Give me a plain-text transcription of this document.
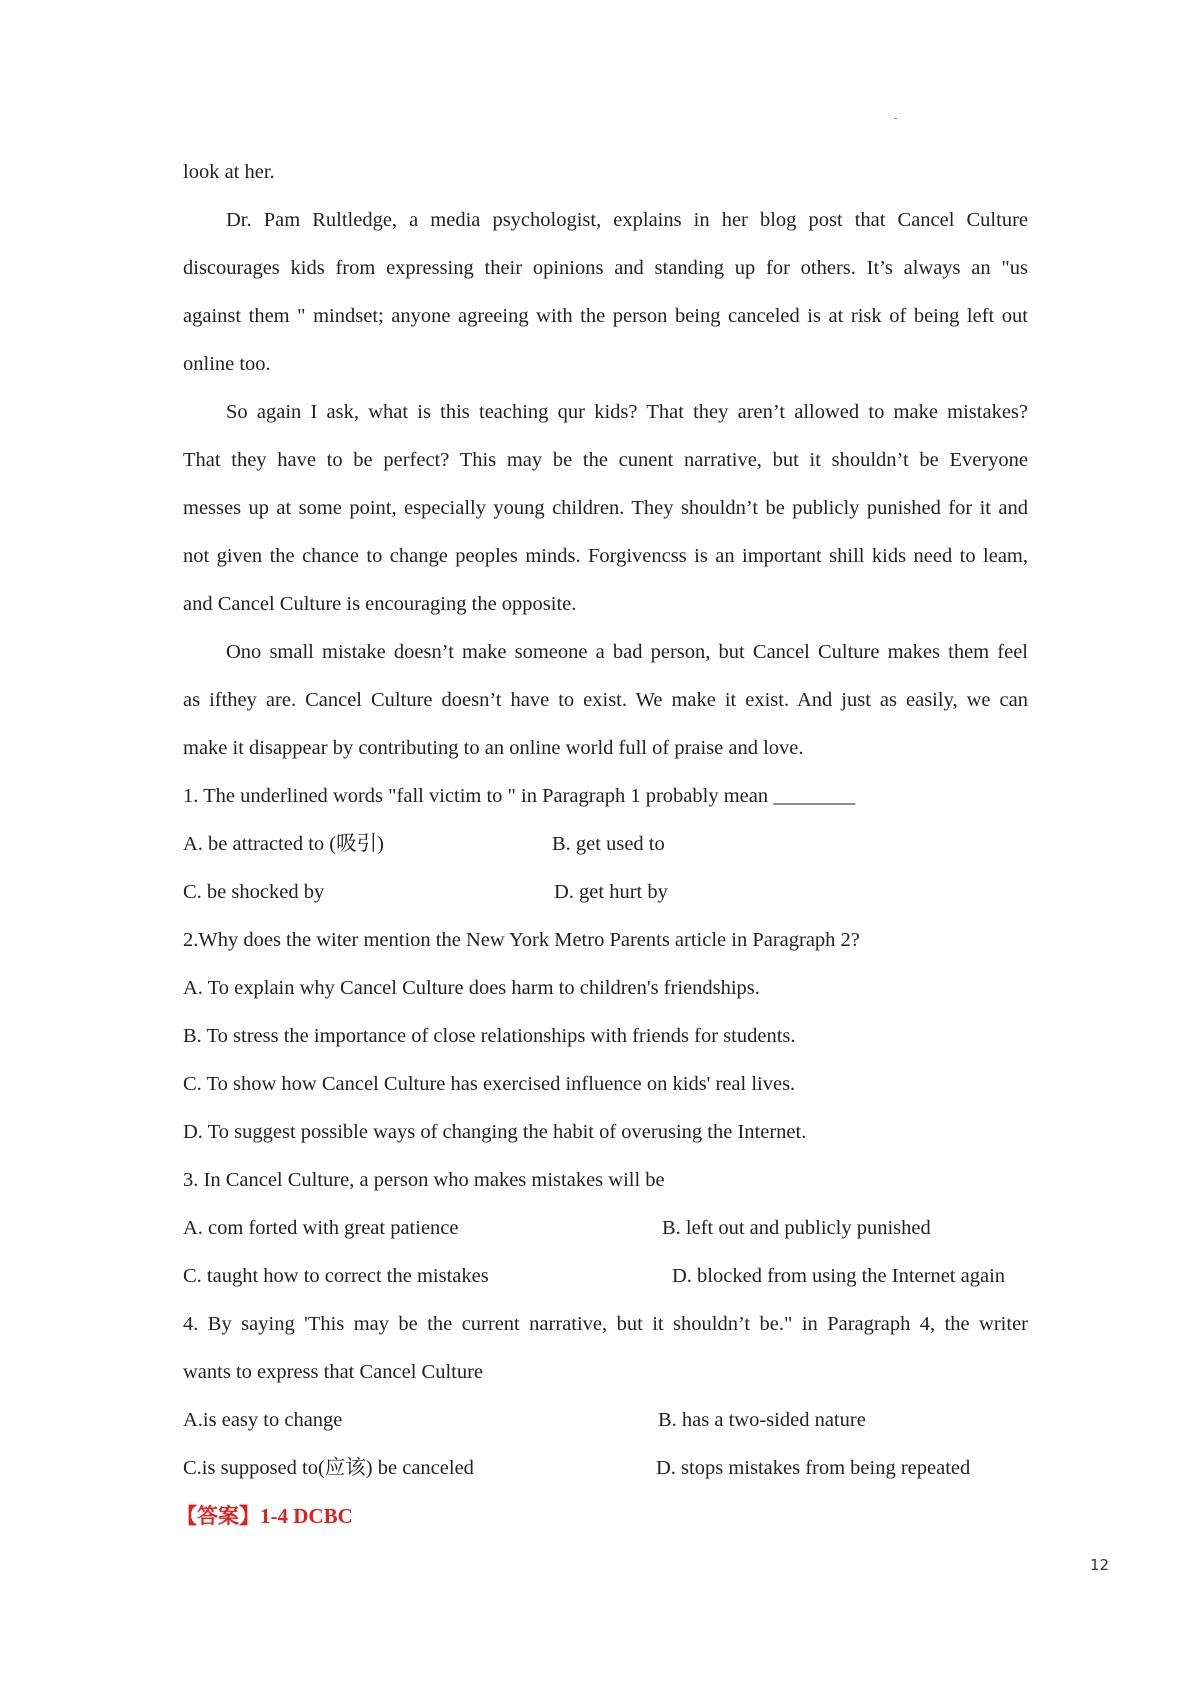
look at her.
Dr. Pam Rultledge, a media psychologist, explains in her blog post that Cancel Culture
discourages kids from expressing their opinions and standing up for others. It’s always an "us
against them " mindset; anyone agreeing with the person being canceled is at risk of being left out
online too.
So again I ask, what is this teaching qur kids? That they aren’t allowed to make mistakes?
That they have to be perfect? This may be the cunent narrative, but it shouldn’t be Everyone
messes up at some point, especially young children. They shouldn’t be publicly punished for it and
not given the chance to change peoples minds. Forgivencss is an important shill kids need to leam,
and Cancel Culture is encouraging the opposite.
Ono small mistake doesn’t make someone a bad person, but Cancel Culture makes them feel
as ifthey are. Cancel Culture doesn’t have to exist. We make it exist. And just as easily, we can
make it disappear by contributing to an online world full of praise and love.
1. The underlined words "fall victim to " in Paragraph 1 probably mean ________
A. be attracted to (吸引)	B. get used to
C. be shocked by	D. get hurt by
2.Why does the witer mention the New York Metro Parents article in Paragraph 2?
A. To explain why Cancel Culture does harm to children's friendships.
B. To stress the importance of close relationships with friends for students.
C. To show how Cancel Culture has exercised influence on kids' real lives.
D. To suggest possible ways of changing the habit of overusing the Internet.
3. In Cancel Culture, a person who makes mistakes will be
A. com forted with great patience	B. left out and publicly punished
C. taught how to correct the mistakes	D. blocked from using the Internet again
4. By saying 'This may be the current narrative, but it shouldn’t be." in Paragraph 4, the writer
wants to express that Cancel Culture
A.is easy to change	B. has a two-sided nature
C.is supposed to(应该) be canceled	D. stops mistakes from being repeated
【答案】1-4 DCBC
12
